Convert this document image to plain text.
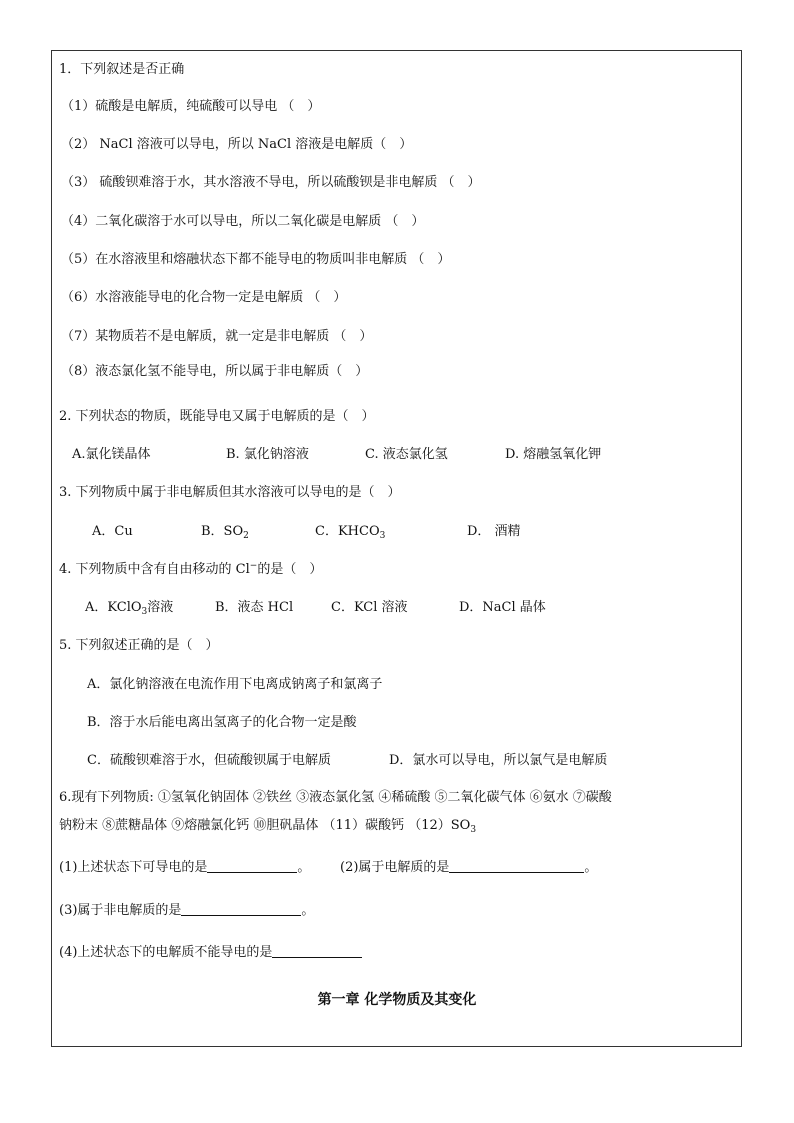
1．下列叙述是否正确
（1）硫酸是电解质，纯硫酸可以导电 （　）
（2） NaCl 溶液可以导电，所以 NaCl 溶液是电解质（　）
（3） 硫酸钡难溶于水，其水溶液不导电，所以硫酸钡是非电解质 （　）
（4）二氧化碳溶于水可以导电，所以二氧化碳是电解质 （　）
（5）在水溶液里和熔融状态下都不能导电的物质叫非电解质 （　）
（6）水溶液能导电的化合物一定是电解质 （　）
（7）某物质若不是电解质，就一定是非电解质 （　）
（8）液态氯化氢不能导电，所以属于非电解质（　）
2. 下列状态的物质，既能导电又属于电解质的是（　）
A.氯化镁晶体	B. 氯化钠溶液	C. 液态氯化氢	D. 熔融氢氧化钾
3. 下列物质中属于非电解质但其水溶液可以导电的是（　）
A．Cu	B．$SO_2$	C．$KHCO_3$	D． 酒精
4. 下列物质中含有自由移动的 Cl−的是（　）
A．KClO$_3$溶液	B．液态 HCl	C．KCl 溶液	D．NaCl 晶体
5. 下列叙述正确的是（　）
A．氯化钠溶液在电流作用下电离成钠离子和氯离子
B．溶于水后能电离出氢离子的化合物一定是酸
C．硫酸钡难溶于水，但硫酸钡属于电解质	D．氯水可以导电，所以氯气是电解质
6.现有下列物质: ①氢氧化钠固体 ②铁丝 ③液态氯化氢 ④稀硫酸 ⑤二氧化碳气体 ⑥氨水 ⑦碳酸
钠粉末 ⑧蔗糖晶体 ⑨熔融氯化钙 ⑩胆矾晶体 （11）碳酸钙 $(12)SO_3$
(1)上述状态下可导电的是	。 (2)属于电解质的是	。
(3)属于非电解质的是	。
(4)上述状态下的电解质不能导电的是
第一章 化学物质及其变化
